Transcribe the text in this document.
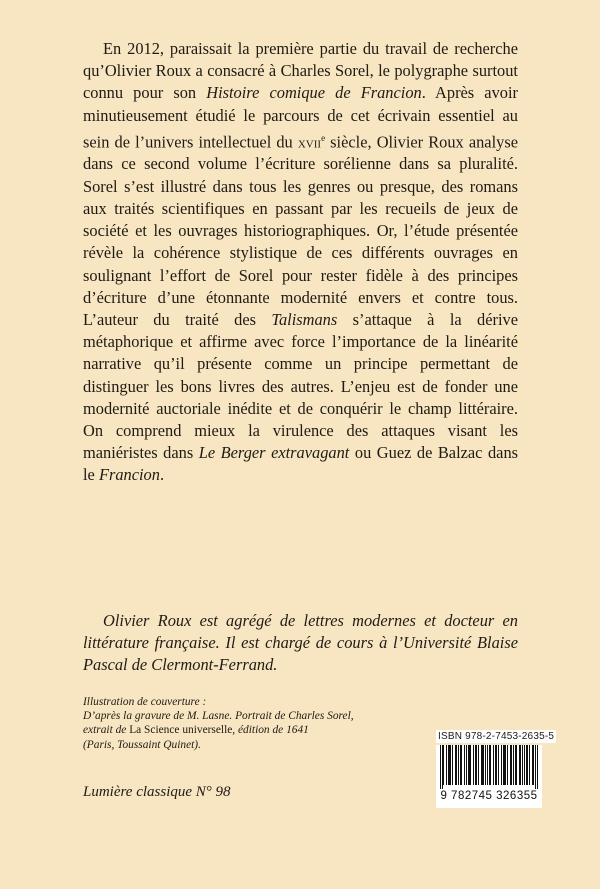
En 2012, paraissait la première partie du travail de recherche qu’Olivier Roux a consacré à Charles Sorel, le polygraphe surtout connu pour son Histoire comique de Francion. Après avoir minutieusement étudié le parcours de cet écrivain essentiel au sein de l’univers intellectuel du xvii$^e$ siècle, Olivier Roux analyse dans ce second volume l’écriture sorélienne dans sa pluralité. Sorel s’est illustré dans tous les genres ou presque, des romans aux traités scientifiques en passant par les recueils de jeux de société et les ouvrages historiographiques. Or, l’étude présentée révèle la cohérence stylistique de ces différents ouvrages en soulignant l’effort de Sorel pour rester fidèle à des principes d’écriture d’une étonnante modernité envers et contre tous. L’auteur du traité des Talismans s’attaque à la dérive métaphorique et affirme avec force l’importance de la linéarité narrative qu’il présente comme un principe permettant de distinguer les bons livres des autres. L’enjeu est de fonder une modernité auctoriale inédite et de conquérir le champ littéraire. On comprend mieux la virulence des attaques visant les maniéristes dans Le Berger extravagant ou Guez de Balzac dans le Francion.

Olivier Roux est agrégé de lettres modernes et docteur en littérature française. Il est chargé de cours à l’Université Blaise Pascal de Clermont-Ferrand.

Illustration de couverture :
D’après la gravure de M. Lasne. Portrait de Charles Sorel,
extrait de La Science universelle, édition de 1641
(Paris, Toussaint Quinet).
Lumière classique N° 98
ISBN 978-2-7453-2635-5
9 782745 326355
